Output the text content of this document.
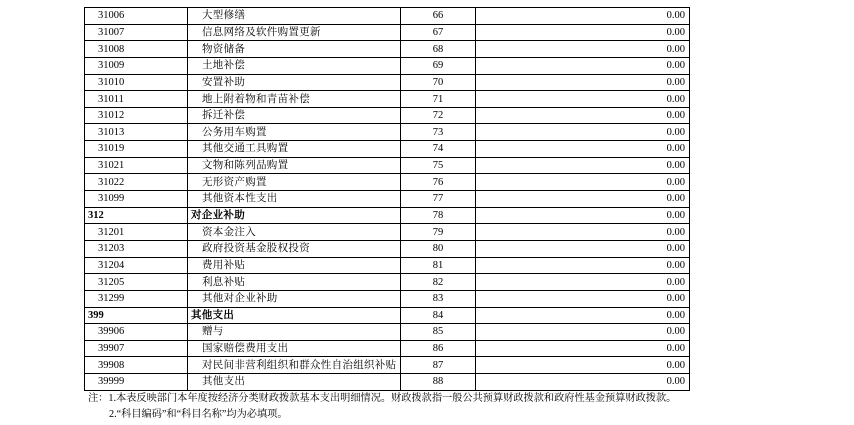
31006	大型修缮	66	0.00
31007	信息网络及软件购置更新	67	0.00
31008	物资储备	68	0.00
31009	土地补偿	69	0.00
31010	安置补助	70	0.00
31011	地上附着物和青苗补偿	71	0.00
31012	拆迁补偿	72	0.00
31013	公务用车购置	73	0.00
31019	其他交通工具购置	74	0.00
31021	文物和陈列品购置	75	0.00
31022	无形资产购置	76	0.00
31099	其他资本性支出	77	0.00
312	对企业补助	78	0.00
31201	资本金注入	79	0.00
31203	政府投资基金股权投资	80	0.00
31204	费用补贴	81	0.00
31205	利息补贴	82	0.00
31299	其他对企业补助	83	0.00
399	其他支出	84	0.00
39906	赠与	85	0.00
39907	国家赔偿费用支出	86	0.00
39908	对民间非营利组织和群众性自治组织补贴	87	0.00
39999	其他支出	88	0.00
注：1.本表反映部门本年度按经济分类财政拨款基本支出明细情况。财政拨款指一般公共预算财政拨款和政府性基金预算财政拨款。
2.“科目编码”和“科目名称”均为必填项。
